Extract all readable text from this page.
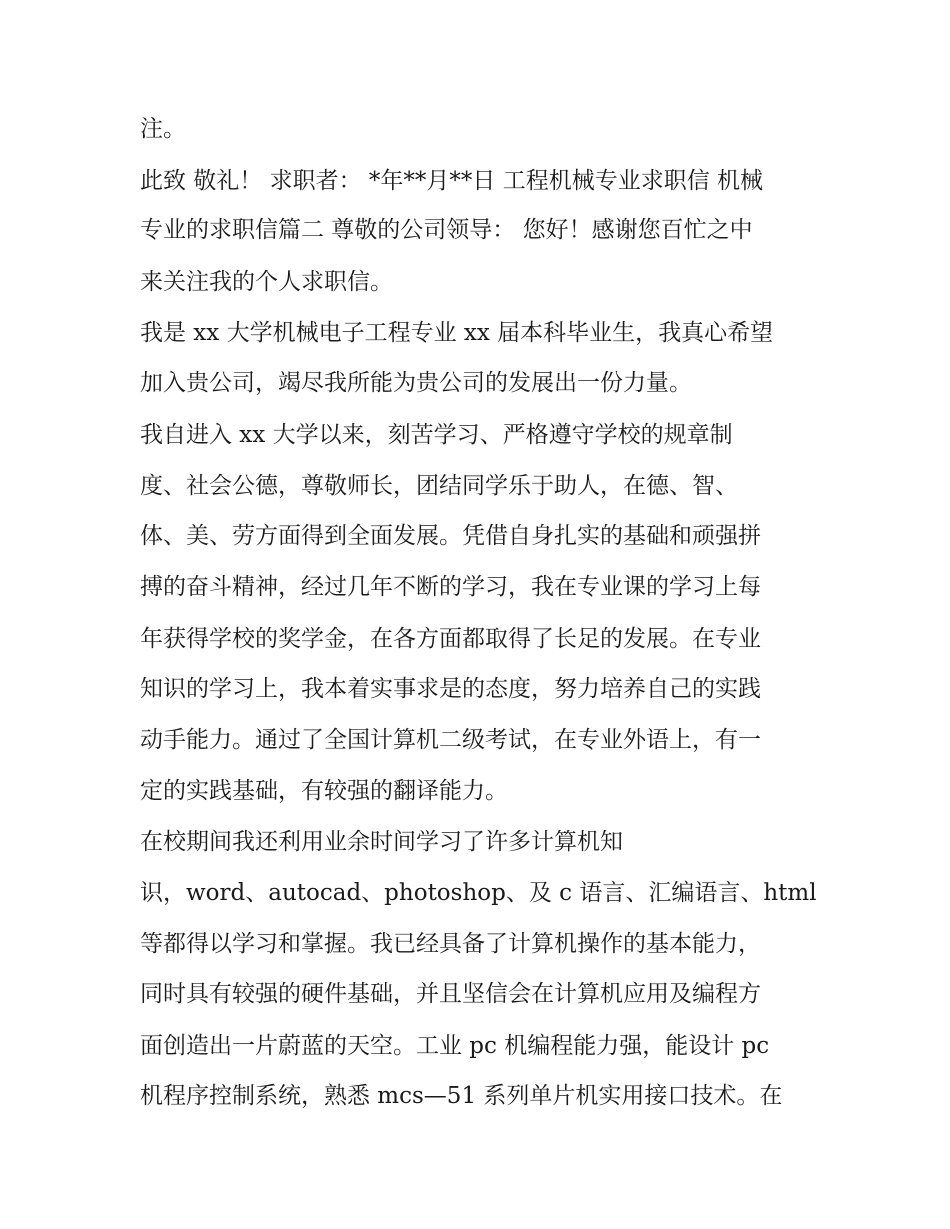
注。
此致 敬礼！ 求职者： *年**月**日 工程机械专业求职信 机械
专业的求职信篇二 尊敬的公司领导： 您好！感谢您百忙之中
来关注我的个人求职信。
我是 xx 大学机械电子工程专业 xx 届本科毕业生，我真心希望
加入贵公司，竭尽我所能为贵公司的发展出一份力量。
我自进入 xx 大学以来，刻苦学习、严格遵守学校的规章制
度、社会公德，尊敬师长，团结同学乐于助人，在德、智、
体、美、劳方面得到全面发展。凭借自身扎实的基础和顽强拼
搏的奋斗精神，经过几年不断的学习，我在专业课的学习上每
年获得学校的奖学金，在各方面都取得了长足的发展。在专业
知识的学习上，我本着实事求是的态度，努力培养自己的实践
动手能力。通过了全国计算机二级考试，在专业外语上，有一
定的实践基础，有较强的翻译能力。
在校期间我还利用业余时间学习了许多计算机知
识，word、autocad、photoshop、及 c 语言、汇编语言、html
等都得以学习和掌握。我已经具备了计算机操作的基本能力，
同时具有较强的硬件基础，并且坚信会在计算机应用及编程方
面创造出一片蔚蓝的天空。工业 pc 机编程能力强，能设计 pc
机程序控制系统，熟悉 mcs—51 系列单片机实用接口技术。在
